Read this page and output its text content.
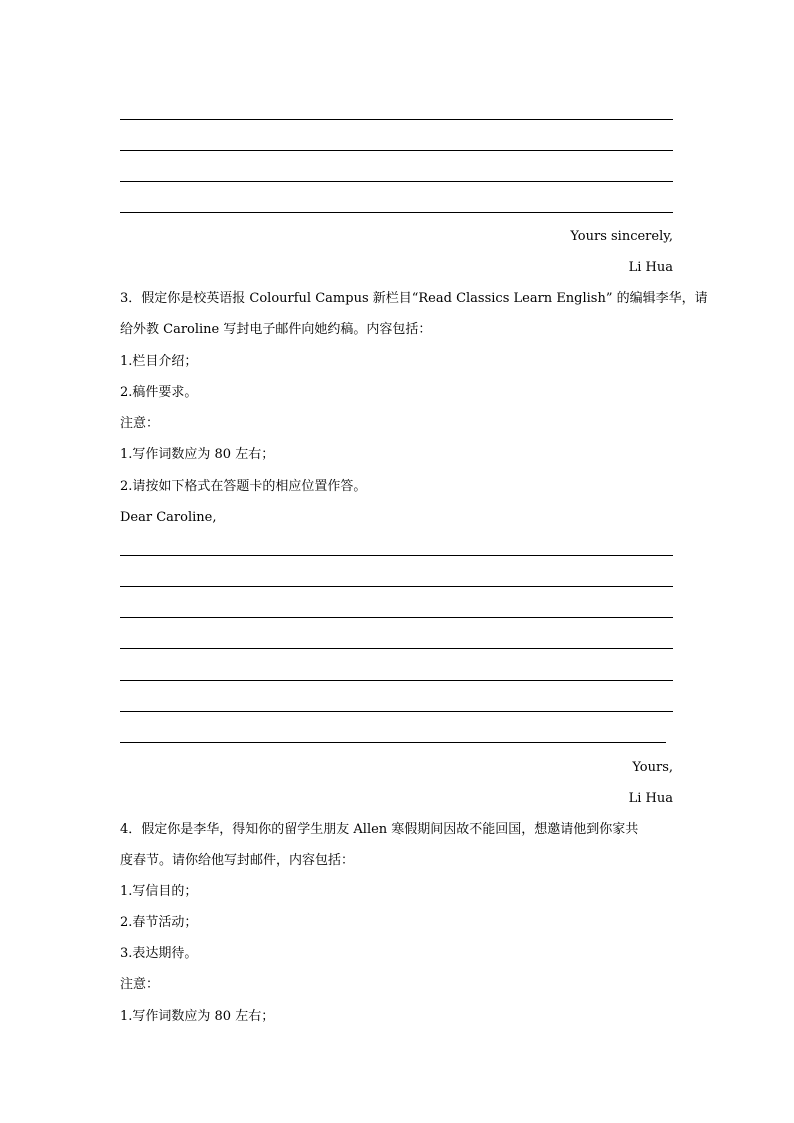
Yours sincerely,
Li Hua
3．假定你是校英语报 Colourful Campus 新栏目“Read Classics Learn English” 的编辑李华，请
给外教 Caroline 写封电子邮件向她约稿。内容包括：
1.栏目介绍；
2.稿件要求。
注意：
1.写作词数应为 80 左右；
2.请按如下格式在答题卡的相应位置作答。
Dear Caroline,
Yours,
Li Hua
4．假定你是李华，得知你的留学生朋友 Allen 寒假期间因故不能回国，想邀请他到你家共
度春节。请你给他写封邮件，内容包括：
1.写信目的；
2.春节活动；
3.表达期待。
注意：
1.写作词数应为 80 左右；
